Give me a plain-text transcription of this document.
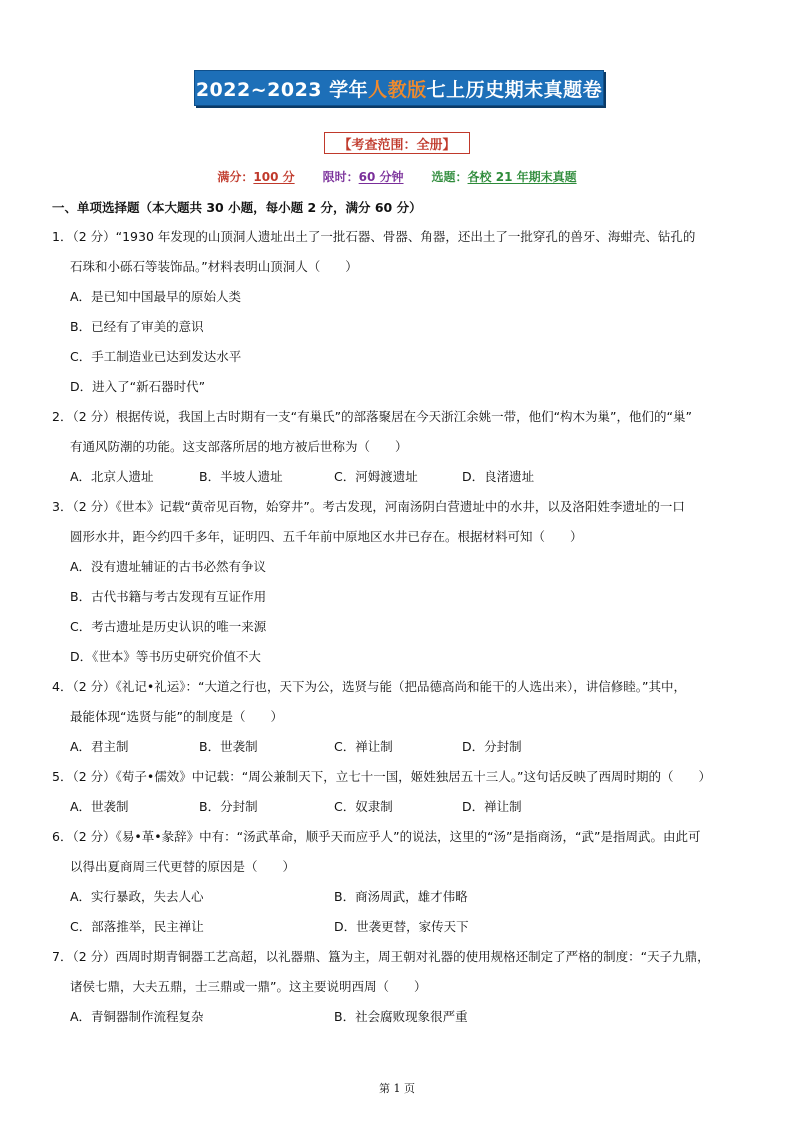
2022~2023 学年 人教版 七上历史期末真题卷
【考查范围：全册】
满分：100 分 限时：60 分钟 选题：各校 21 年期末真题
一、单项选择题（本大题共 30 小题，每小题 2 分，满分 60 分）
1．（2 分）“1930 年发现的山顶洞人遗址出土了一批石器、骨器、角器，还出土了一批穿孔的兽牙、海蚶壳、钻孔的
石珠和小砾石等装饰品。”材料表明山顶洞人（　　）
A．是已知中国最早的原始人类
B．已经有了审美的意识
C．手工制造业已达到发达水平
D．进入了“新石器时代”
2．（2 分）根据传说，我国上古时期有一支“有巢氏”的部落聚居在今天浙江余姚一带，他们“构木为巢”，他们的“巢”
有通风防潮的功能。这支部落所居的地方被后世称为（　　）
A．北京人遗址	B．半坡人遗址	C．河姆渡遗址	D．良渚遗址
3．（2 分）《世本》记载“黄帝见百物，始穿井”。考古发现，河南汤阴白营遗址中的水井，以及洛阳姓李遗址的一口
圆形水井，距今约四千多年，证明四、五千年前中原地区水井已存在。根据材料可知（　　）
A．没有遗址辅证的古书必然有争议
B．古代书籍与考古发现有互证作用
C．考古遗址是历史认识的唯一来源
D．《世本》等书历史研究价值不大
4．（2 分）《礼记•礼运》：“大道之行也，天下为公，选贤与能（把品德高尚和能干的人选出来），讲信修睦。”其中，
最能体现“选贤与能”的制度是（　　）
A．君主制	B．世袭制	C．禅让制	D．分封制
5．（2 分）《荀子•儒效》中记载：“周公兼制天下，立七十一国，姬姓独居五十三人。”这句话反映了西周时期的（　　）
A．世袭制	B．分封制	C．奴隶制	D．禅让制
6．（2 分）《易•革•彖辞》中有：“汤武革命，顺乎天而应乎人”的说法，这里的“汤”是指商汤，“武”是指周武。由此可
以得出夏商周三代更替的原因是（　　）
A．实行暴政，失去人心	B．商汤周武，雄才伟略
C．部落推举，民主禅让	D．世袭更替，家传天下
7．（2 分）西周时期青铜器工艺高超，以礼器鼎、簋为主，周王朝对礼器的使用规格还制定了严格的制度：“天子九鼎，
诸侯七鼎，大夫五鼎，士三鼎或一鼎”。这主要说明西周（　　）
A．青铜器制作流程复杂	B．社会腐败现象很严重
第 1 页
